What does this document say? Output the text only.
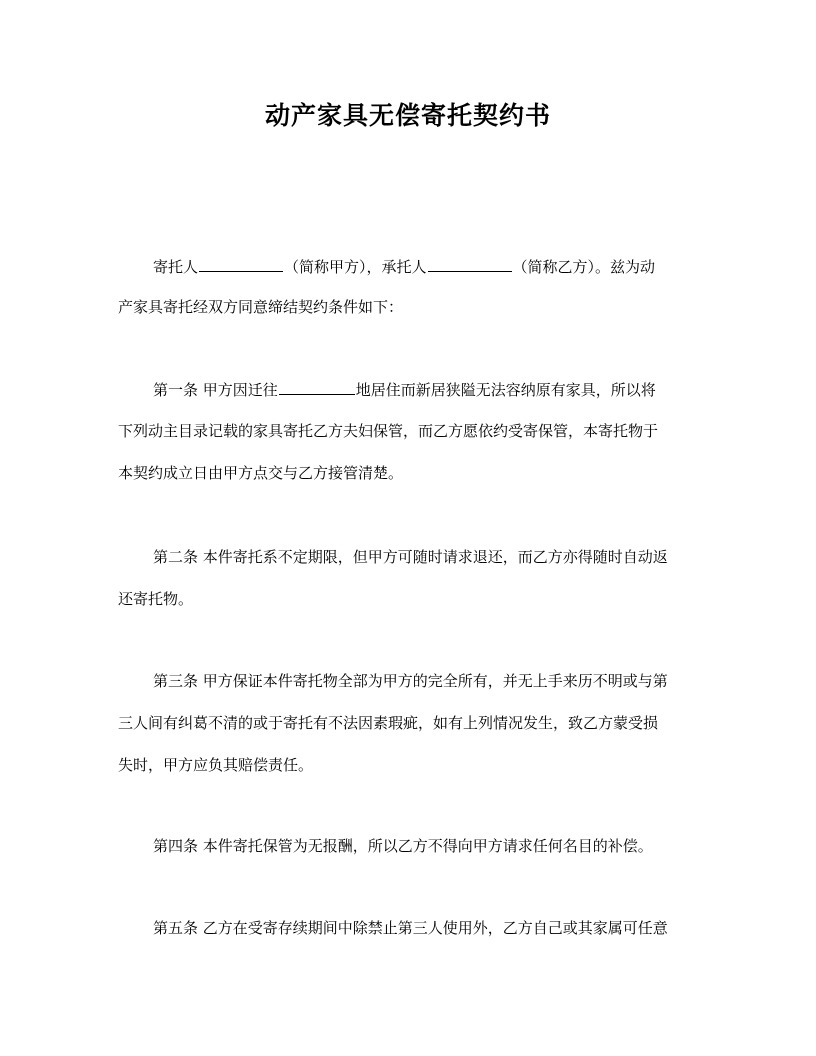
动产家具无偿寄托契约书
寄托人	（简称甲方），承托人	（简称乙方）。兹为动
产家具寄托经双方同意缔结契约条件如下：
第一条 甲方因迁往	地居住而新居狭隘无法容纳原有家具，所以将
下列动主目录记载的家具寄托乙方夫妇保管，而乙方愿依约受寄保管，本寄托物于
本契约成立日由甲方点交与乙方接管清楚。
第二条 本件寄托系不定期限，但甲方可随时请求退还，而乙方亦得随时自动返
还寄托物。
第三条 甲方保证本件寄托物全部为甲方的完全所有，并无上手来历不明或与第
三人间有纠葛不清的或于寄托有不法因素瑕疵，如有上列情况发生，致乙方蒙受损
失时，甲方应负其赔偿责任。
第四条 本件寄托保管为无报酬，所以乙方不得向甲方请求任何名目的补偿。
第五条 乙方在受寄存续期间中除禁止第三人使用外，乙方自己或其家属可任意
